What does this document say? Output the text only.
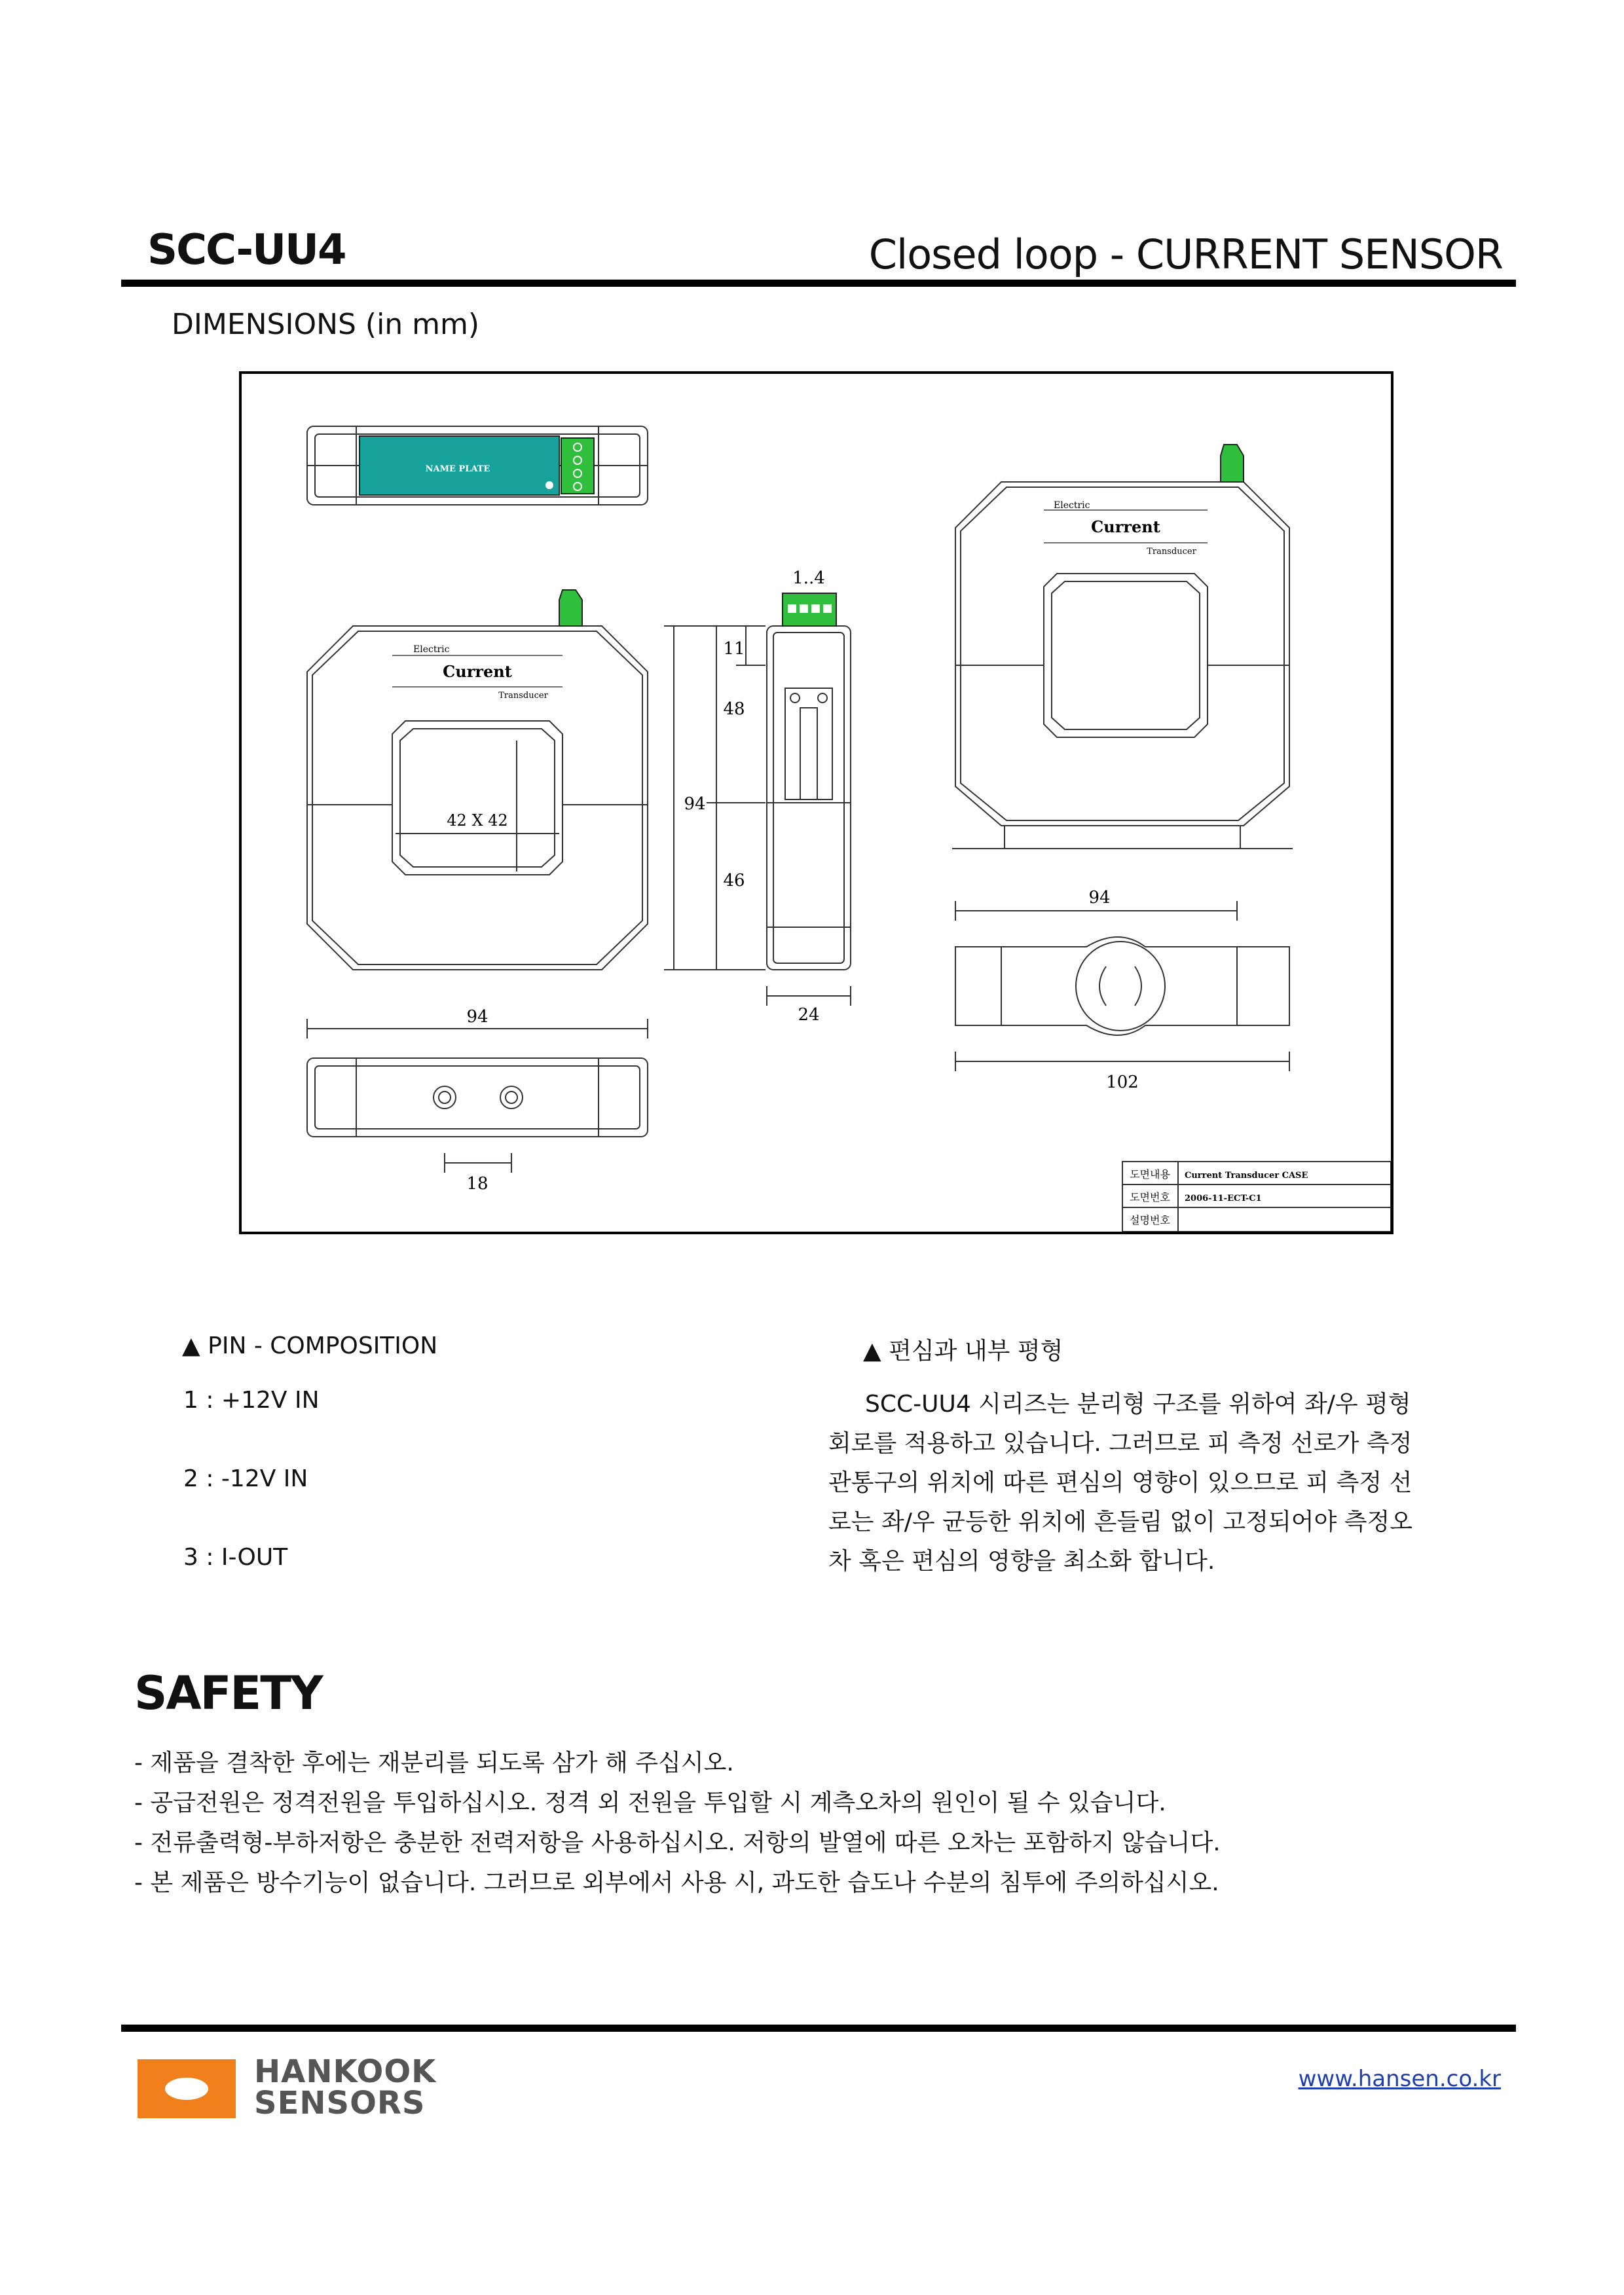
SCC-UU4	Closed loop - CURRENT SENSOR
DIMENSIONS (in mm)
NAME PLATE
Electric
Current
Transducer
42 X 42
94
18
1..4
11
48
94
46
24
Electric
Current
Transducer
94
102
도면내용 Current Transducer CASE
도면번호 2006-11-ECT-C1
설명번호
▲ PIN - COMPOSITION
1 : +12V IN
2 : -12V IN
3 : I-OUT
▲ 편심과 내부 평형
SCC-UU4 시리즈는 분리형 구조를 위하여 좌/우 평형
회로를 적용하고 있습니다. 그러므로 피 측정 선로가 측정
관통구의 위치에 따른 편심의 영향이 있으므로 피 측정 선
로는 좌/우 균등한 위치에 흔들림 없이 고정되어야 측정오
차 혹은 편심의 영향을 최소화 합니다.
SAFETY
- 제품을 결착한 후에는 재분리를 되도록 삼가 해 주십시오.
- 공급전원은 정격전원을 투입하십시오. 정격 외 전원을 투입할 시 계측오차의 원인이 될 수 있습니다.
- 전류출력형-부하저항은 충분한 전력저항을 사용하십시오. 저항의 발열에 따른 오차는 포함하지 않습니다.
- 본 제품은 방수기능이 없습니다. 그러므로 외부에서 사용 시, 과도한 습도나 수분의 침투에 주의하십시오.
HANKOOK
SENSORS
www.hansen.co.kr
